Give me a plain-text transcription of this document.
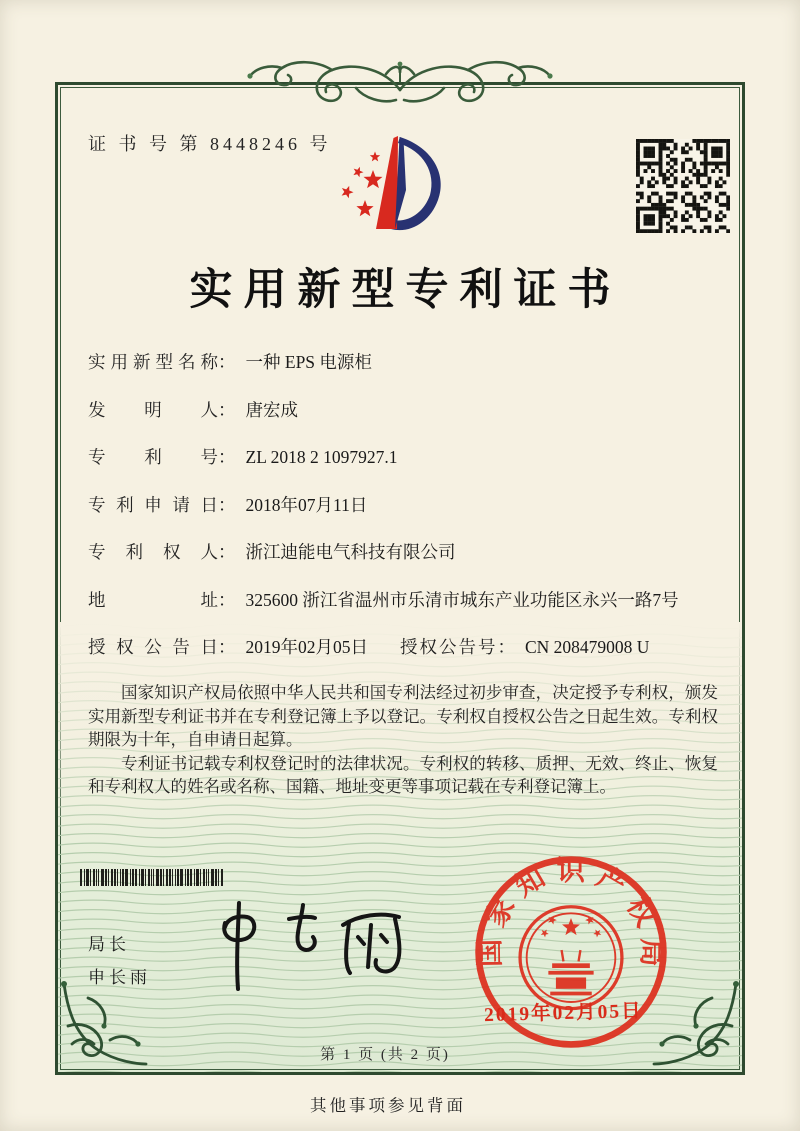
证 书 号 第 8448246 号
实用新型专利证书
实用新型名称： 一种 EPS 电源柜
发明人： 唐宏成
专利号： ZL 2018 2 1097927.1
专利申请日： 2018年07月11日
专利权人： 浙江迪能电气科技有限公司
地址： 325600 浙江省温州市乐清市城东产业功能区永兴一路7号
授权公告日： 2019年02月05日 授权公告号： CN 208479008 U

国家知识产权局依照中华人民共和国专利法经过初步审查，决定授予专利权，颁发实用新型专利证书并在专利登记簿上予以登记。专利权自授权公告之日起生效。专利权期限为十年，自申请日起算。

专利证书记载专利权登记时的法律状况。专利权的转移、质押、无效、终止、恢复和专利权人的姓名或名称、国籍、地址变更等事项记载在专利登记簿上。

局长
申长雨
国家知识产权局
2019年02月05日
第 1 页 (共 2 页)
其他事项参见背面
